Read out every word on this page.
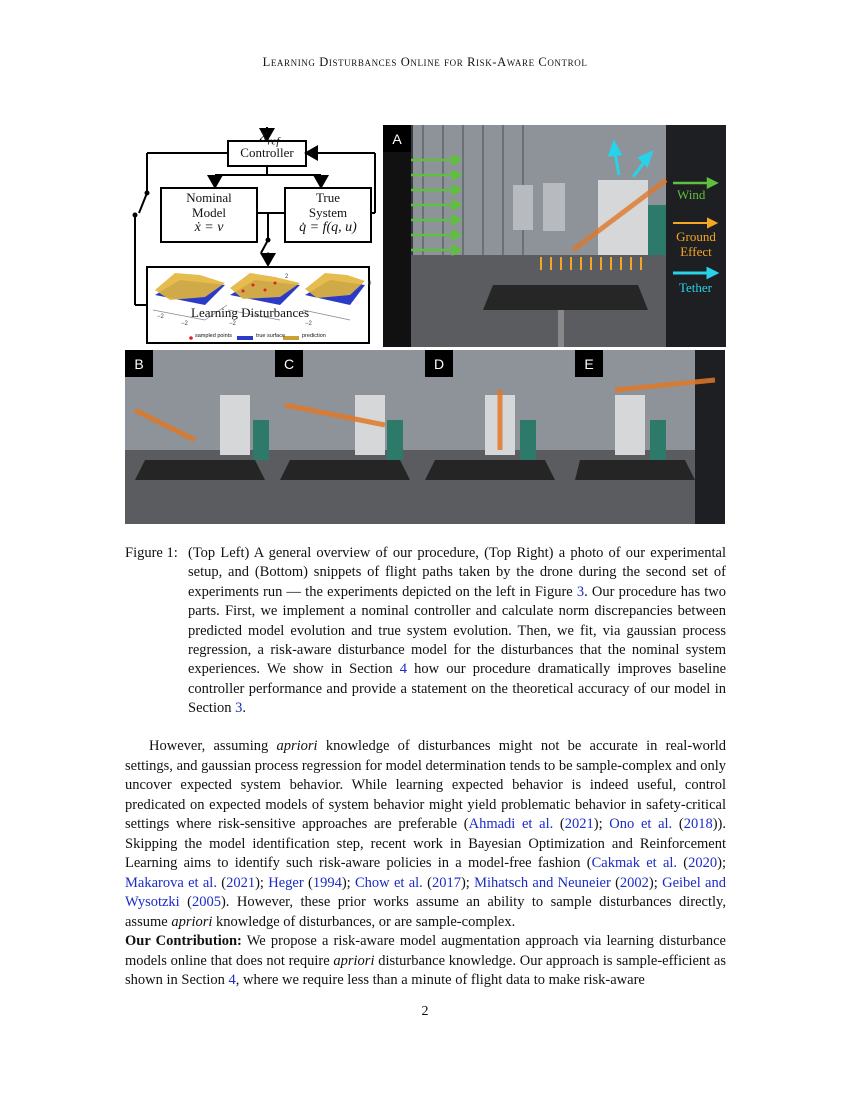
Learning Disturbances Online for Risk-Aware Control
−2
−2	−2	−2
2
0
$x_{ref}$
Controller
Nominal
Model
ẋ = v
True
System
q̇ = f(q, u)
Learning Disturbances
sampled points	true surface	prediction
A
Wind
Ground
Effect
Tether
B	C	D	E
Figure 1: (Top Left) A general overview of our procedure, (Top Right) a photo of our experimental setup, and (Bottom) snippets of flight paths taken by the drone during the second set of experiments run — the experiments depicted on the left in Figure 3. Our procedure has two parts. First, we implement a nominal controller and calculate norm discrepancies between predicted model evolution and true system evolution. Then, we fit, via gaussian process regression, a risk-aware disturbance model for the disturbances that the nominal system experiences. We show in Section 4 how our procedure dramatically improves baseline controller performance and provide a statement on the theoretical accuracy of our model in Section 3.

However, assuming apriori knowledge of disturbances might not be accurate in real-world settings, and gaussian process regression for model determination tends to be sample-complex and only uncover expected system behavior. While learning expected behavior is indeed useful, control predicated on expected models of system behavior might yield problematic behavior in safety-critical settings where risk-sensitive approaches are preferable (Ahmadi et al. (2021); Ono et al. (2018)). Skipping the model identification step, recent work in Bayesian Optimization and Reinforcement Learning aims to identify such risk-aware policies in a model-free fashion (Cakmak et al. (2020); Makarova et al. (2021); Heger (1994); Chow et al. (2017); Mihatsch and Neuneier (2002); Geibel and Wysotzki (2005). However, these prior works assume an ability to sample disturbances directly, assume apriori knowledge of disturbances, or are sample-complex.

Our Contribution: We propose a risk-aware model augmentation approach via learning disturbance models online that does not require apriori disturbance knowledge. Our approach is sample-efficient as shown in Section 4, where we require less than a minute of flight data to make risk-aware

2
